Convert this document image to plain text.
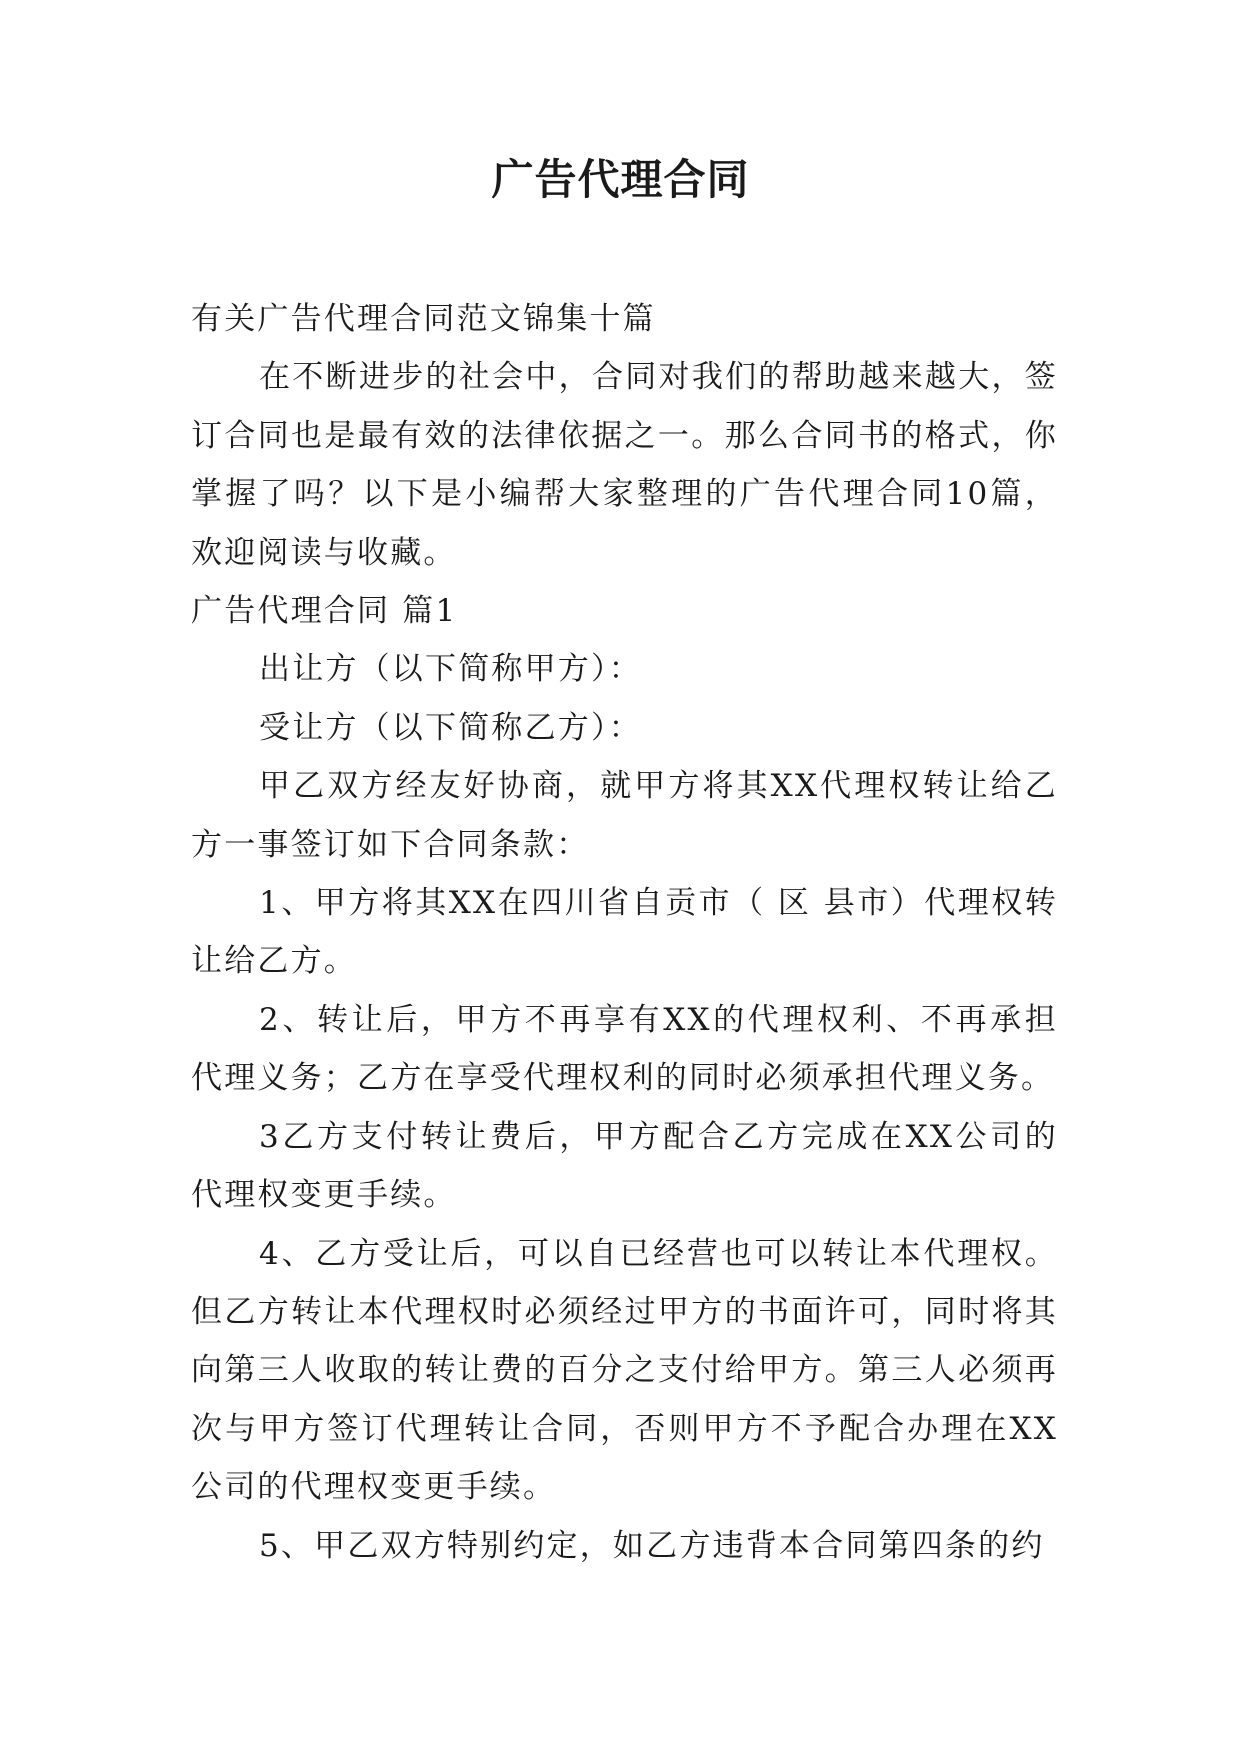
广告代理合同

有关广告代理合同范文锦集十篇

在不断进步的社会中，合同对我们的帮助越来越大，签订合同也是最有效的法律依据之一。那么合同书的格式，你掌握了吗？以下是小编帮大家整理的广告代理合同10篇，欢迎阅读与收藏。

广告代理合同 篇1

出让方（以下简称甲方）：

受让方（以下简称乙方）：

甲乙双方经友好协商，就甲方将其XX代理权转让给乙方一事签订如下合同条款：

1、甲方将其XX在四川省自贡市（ 区 县市）代理权转让给乙方。

2、转让后，甲方不再享有XX的代理权利、不再承担代理义务；乙方在享受代理权利的同时必须承担代理义务。

3乙方支付转让费后，甲方配合乙方完成在XX公司的代理权变更手续。

4、乙方受让后，可以自已经营也可以转让本代理权。但乙方转让本代理权时必须经过甲方的书面许可，同时将其向第三人收取的转让费的百分之支付给甲方。第三人必须再次与甲方签订代理转让合同，否则甲方不予配合办理在XX公司的代理权变更手续。

5、甲乙双方特别约定，如乙方违背本合同第四条的约
